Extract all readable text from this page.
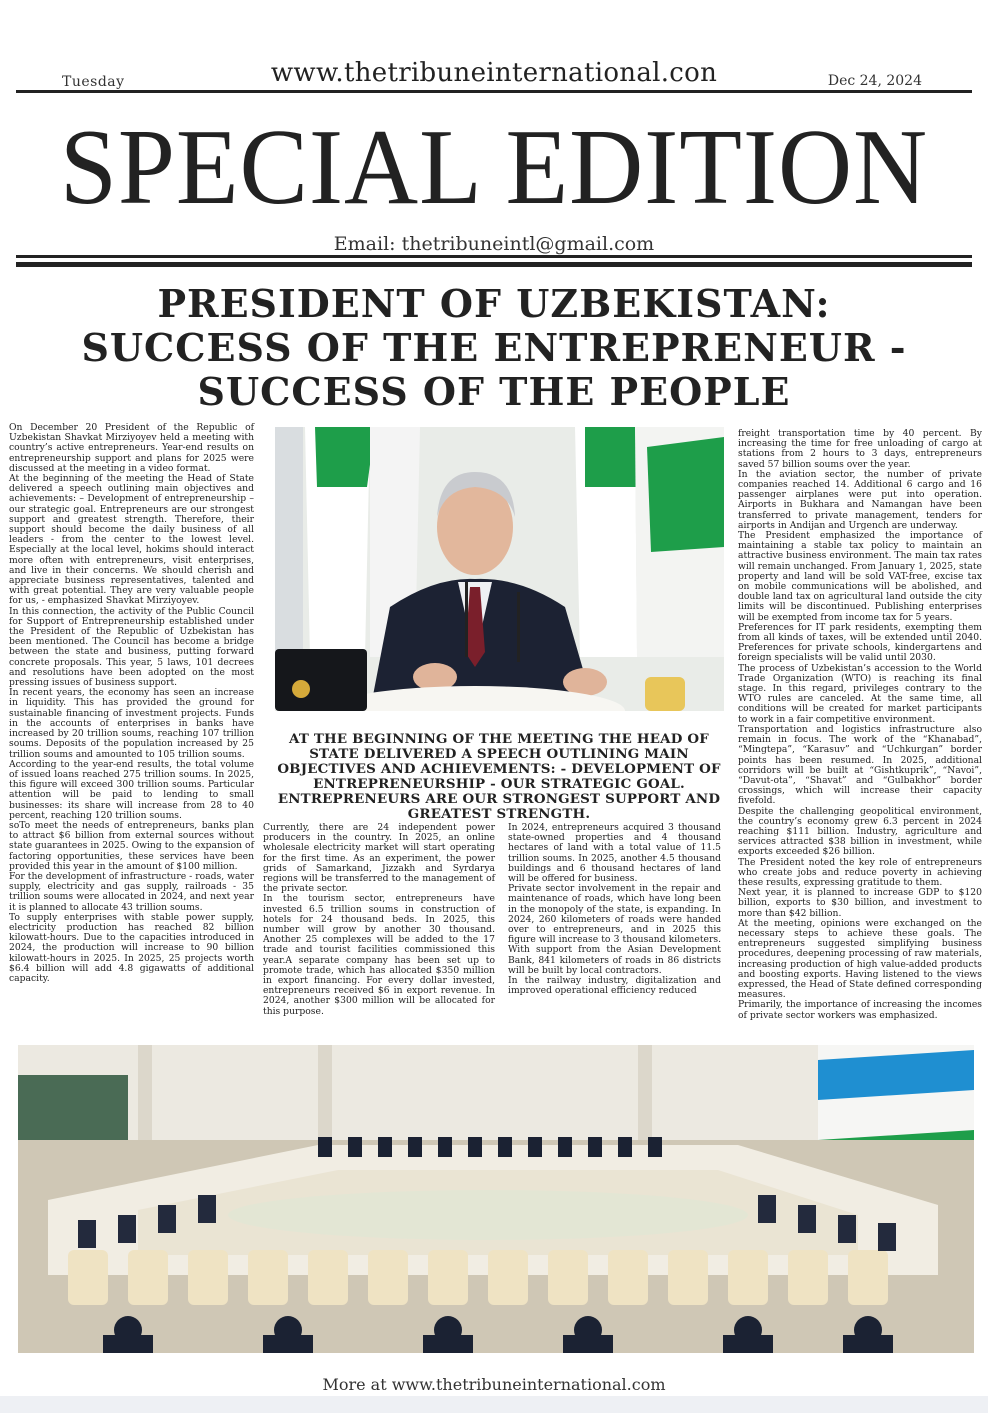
Tuesday	www.thetribuneinternational.con	Dec 24, 2024
SPECIAL EDITION
Email: thetribuneintl@gmail.com
PRESIDENT OF UZBEKISTAN:
SUCCESS OF THE ENTREPRENEUR -
SUCCESS OF THE PEOPLE

On December 20 President of the Republic of Uzbekistan Shavkat Mirziyoyev held a meeting with country’s active entrepreneurs. Year-end results on entrepreneurship support and plans for 2025 were discussed at the meeting in a video format.

At the beginning of the meeting the Head of State delivered a speech outlining main objectives and achievements: – Development of entrepreneurship – our strategic goal. Entrepreneurs are our strongest support and greatest strength. Therefore, their support should become the daily business of all leaders - from the center to the lowest level. Especially at the local level, hokims should interact more often with entrepreneurs, visit enterprises, and live in their concerns. We should cherish and appreciate business representatives, talented and with great potential. They are very valuable people for us, - emphasized Shavkat Mirziyoyev.

In this connection, the activity of the Public Council for Support of Entrepreneurship established under the President of the Republic of Uzbekistan has been mentioned. The Council has become a bridge between the state and business, putting forward concrete proposals. This year, 5 laws, 101 decrees and resolutions have been adopted on the most pressing issues of business support.

In recent years, the economy has seen an increase in liquidity. This has provided the ground for sustainable financing of investment projects. Funds in the accounts of enterprises in banks have increased by 20 trillion soums, reaching 107 trillion soums. Deposits of the population increased by 25 trillion soums and amounted to 105 trillion soums.

According to the year-end results, the total volume of issued loans reached 275 trillion soums. In 2025, this figure will exceed 300 trillion soums. Particular attention will be paid to lending to small businesses: its share will increase from 28 to 40 percent, reaching 120 trillion soums.

soTo meet the needs of entrepreneurs, banks plan to attract $6 billion from external sources without state guarantees in 2025. Owing to the expansion of factoring opportunities, these services have been provided this year in the amount of $100 million.

For the development of infrastructure - roads, water supply, electricity and gas supply, railroads - 35 trillion soums were allocated in 2024, and next year it is planned to allocate 43 trillion soums.

To supply enterprises with stable power supply, electricity production has reached 82 billion kilowatt-hours. Due to the capacities introduced in 2024, the production will increase to 90 billion kilowatt-hours in 2025. In 2025, 25 projects worth $6.4 billion will add 4.8 gigawatts of additional capacity.

AT THE BEGINNING OF THE MEETING THE HEAD OF STATE DELIVERED A SPEECH OUTLINING MAIN OBJECTIVES AND ACHIEVEMENTS: - DEVELOPMENT OF ENTREPRENEURSHIP - OUR STRATEGIC GOAL. ENTREPRENEURS ARE OUR STRONGEST SUPPORT AND GREATEST STRENGTH.

Currently, there are 24 independent power producers in the country. In 2025, an online wholesale electricity market will start operating for the first time. As an experiment, the power grids of Samarkand, Jizzakh and Syrdarya regions will be transferred to the management of the private sector.

In the tourism sector, entrepreneurs have invested 6.5 trillion soums in construction of hotels for 24 thousand beds. In 2025, this number will grow by another 30 thousand. Another 25 complexes will be added to the 17 trade and tourist facilities commissioned this year.A separate company has been set up to promote trade, which has allocated $350 million in export financing. For every dollar invested, entrepreneurs received $6 in export revenue. In 2024, another $300 million will be allocated for this purpose.

In 2024, entrepreneurs acquired 3 thousand state-owned properties and 4 thousand hectares of land with a total value of 11.5 trillion soums. In 2025, another 4.5 thousand buildings and 6 thousand hectares of land will be offered for business.

Private sector involvement in the repair and maintenance of roads, which have long been in the monopoly of the state, is expanding. In 2024, 260 kilometers of roads were handed over to entrepreneurs, and in 2025 this figure will increase to 3 thousand kilometers. With support from the Asian Development Bank, 841 kilometers of roads in 86 districts will be built by local contractors.

In the railway industry, digitalization and improved operational efficiency reduced

freight transportation time by 40 percent. By increasing the time for free unloading of cargo at stations from 2 hours to 3 days, entrepreneurs saved 57 billion soums over the year.

In the aviation sector, the number of private companies reached 14. Additional 6 cargo and 16 passenger airplanes were put into operation. Airports in Bukhara and Namangan have been transferred to private management, tenders for airports in Andijan and Urgench are underway.

The President emphasized the importance of maintaining a stable tax policy to maintain an attractive business environment. The main tax rates will remain unchanged. From January 1, 2025, state property and land will be sold VAT-free, excise tax on mobile communications will be abolished, and double land tax on agricultural land outside the city limits will be discontinued. Publishing enterprises will be exempted from income tax for 5 years.

Preferences for IT park residents, exempting them from all kinds of taxes, will be extended until 2040. Preferences for private schools, kindergartens and foreign specialists will be valid until 2030.

The process of Uzbekistan’s accession to the World Trade Organization (WTO) is reaching its final stage. In this regard, privileges contrary to the WTO rules are canceled. At the same time, all conditions will be created for market participants to work in a fair competitive environment.

Transportation and logistics infrastructure also remain in focus. The work of the “Khanabad”, “Mingtepa”, “Karasuv” and “Uchkurgan” border points has been resumed. In 2025, additional corridors will be built at “Gishtkuprik”, “Navoi”, “Davut-ota”, “Shavat” and “Gulbakhor” border crossings, which will increase their capacity fivefold.

Despite the challenging geopolitical environment, the country’s economy grew 6.3 percent in 2024 reaching $111 billion. Industry, agriculture and services attracted $38 billion in investment, while exports exceeded $26 billion.

The President noted the key role of entrepreneurs who create jobs and reduce poverty in achieving these results, expressing gratitude to them.

Next year, it is planned to increase GDP to $120 billion, exports to $30 billion, and investment to more than $42 billion.

At the meeting, opinions were exchanged on the necessary steps to achieve these goals. The entrepreneurs suggested simplifying business procedures, deepening processing of raw materials, increasing production of high value-added products and boosting exports. Having listened to the views expressed, the Head of State defined corresponding measures.

Primarily, the importance of increasing the incomes of private sector workers was emphasized.

More at www.thetribuneinternational.com
